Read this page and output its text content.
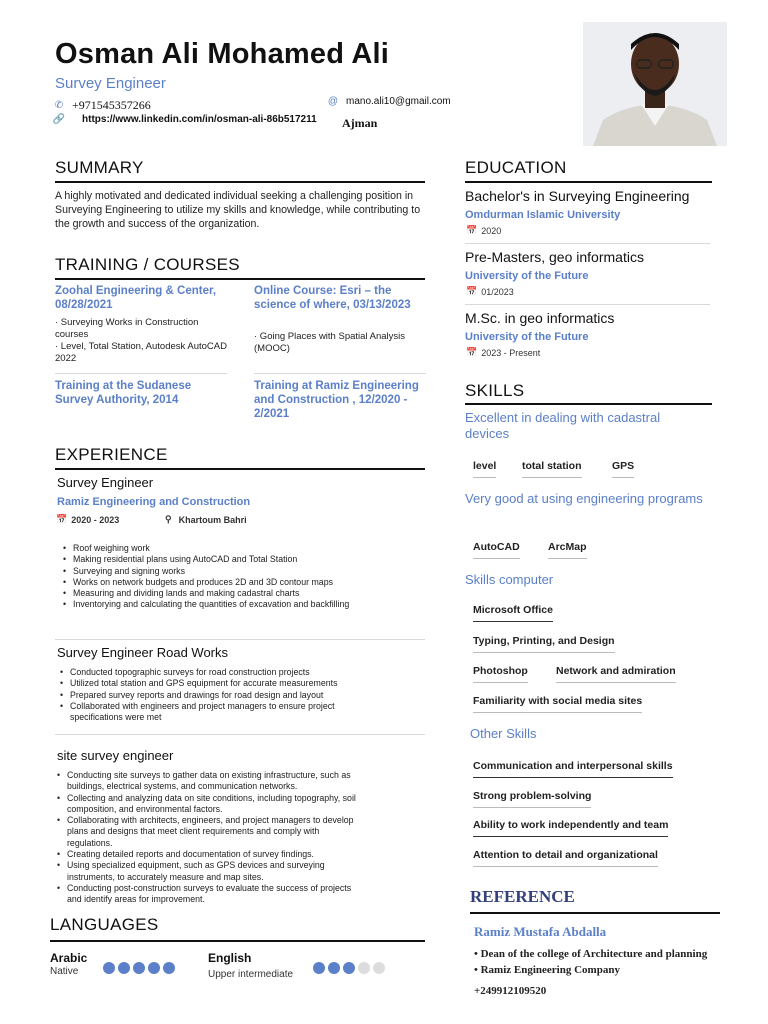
Osman Ali Mohamed Ali
Survey Engineer
✆ +971545357266	@ mano.ali10@gmail.com
🔗 https://www.linkedin.com/in/osman-ali-86b517211 Ajman
SUMMARY
A highly motivated and dedicated individual seeking a challenging position in Surveying Engineering to utilize my skills and knowledge, while contributing to the growth and success of the organization.
TRAINING / COURSES
Zoohal Engineering & Center, 08/28/2021
· Surveying Works in Construction courses
· Level, Total Station, Autodesk AutoCAD 2022
Online Course: Esri – the science of where, 03/13/2023
· Going Places with Spatial Analysis (MOOC)
Training at the Sudanese Survey Authority, 2014
Training at Ramiz Engineering and Construction , 12/2020 - 2/2021
EXPERIENCE
Survey Engineer
Ramiz Engineering and Construction
📅 2020 - 2023	⚲ Khartoum Bahri
• Roof weighing work
• Making residential plans using AutoCAD and Total Station
• Surveying and signing works
• Works on network budgets and produces 2D and 3D contour maps
• Measuring and dividing lands and making cadastral charts
• Inventorying and calculating the quantities of excavation and backfilling
Survey Engineer Road Works
• Conducted topographic surveys for road construction projects
• Utilized total station and GPS equipment for accurate measurements
• Prepared survey reports and drawings for road design and layout
• Collaborated with engineers and project managers to ensure project specifications were met
site survey engineer
• Conducting site surveys to gather data on existing infrastructure, such as buildings, electrical systems, and communication networks.
• Collecting and analyzing data on site conditions, including topography, soil composition, and environmental factors.
• Collaborating with architects, engineers, and project managers to develop plans and designs that meet client requirements and comply with regulations.
• Creating detailed reports and documentation of survey findings.
• Using specialized equipment, such as GPS devices and surveying instruments, to accurately measure and map sites.
• Conducting post-construction surveys to evaluate the success of projects and identify areas for improvement.
LANGUAGES
Arabic
Native
English
Upper intermediate
EDUCATION
Bachelor's in Surveying Engineering
Omdurman Islamic University
📅 2020
Pre-Masters, geo informatics
University of the Future
📅 01/2023
M.Sc. in geo informatics
University of the Future
📅 2023 - Present
SKILLS
Excellent in dealing with cadastral devices
level total station	GPS
Very good at using engineering programs
AutoCAD	ArcMap
Skills computer
Microsoft Office
Typing, Printing, and Design
Photoshop	Network and admiration
Familiarity with social media sites
Other Skills
Communication and interpersonal skills
Strong problem-solving
Ability to work independently and team
Attention to detail and organizational
REFERENCE
Ramiz Mustafa Abdalla
• Dean of the college of Architecture and planning
• Ramiz Engineering Company
+249912109520
